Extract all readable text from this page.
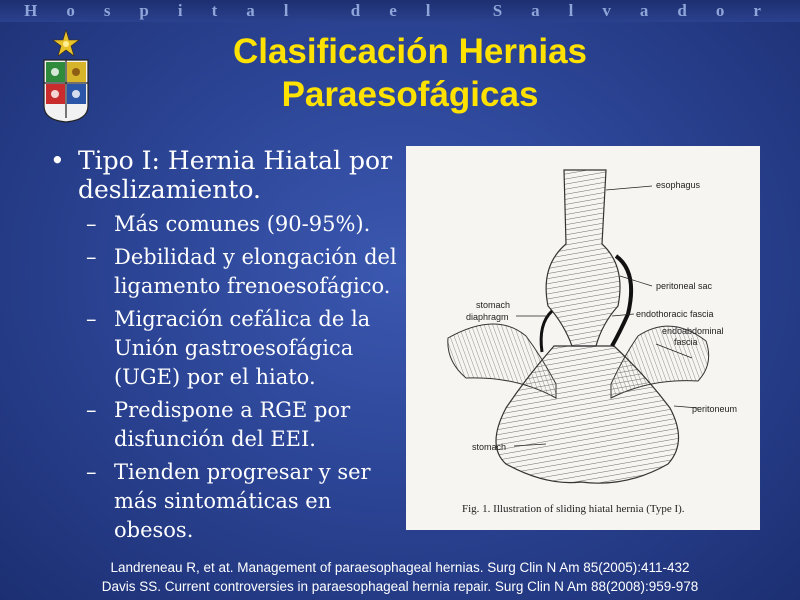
Hospital del Salvador
Clasificación Hernias
Paraesofágicas
• Tipo I: Hernia Hiatal por deslizamiento.
– Más comunes (90-95%).
– Debilidad y elongación del ligamento frenoesofágico.
– Migración cefálica de la Unión gastroesofágica (UGE) por el hiato.
– Predispone a RGE por disfunción del EEI.
– Tienden progresar y ser más sintomáticas en obesos.
esophagus
peritoneal sac
stomach
diaphragm	endothoracic fascia
endoabdominal
fascia
peritoneum
stomach
Fig. 1. Illustration of sliding hiatal hernia (Type I).
Landreneau R, et at. Management of paraesophageal hernias. Surg Clin N Am 85(2005):411-432
Davis SS. Current controversies in paraesophageal hernia repair. Surg Clin N Am 88(2008):959-978
